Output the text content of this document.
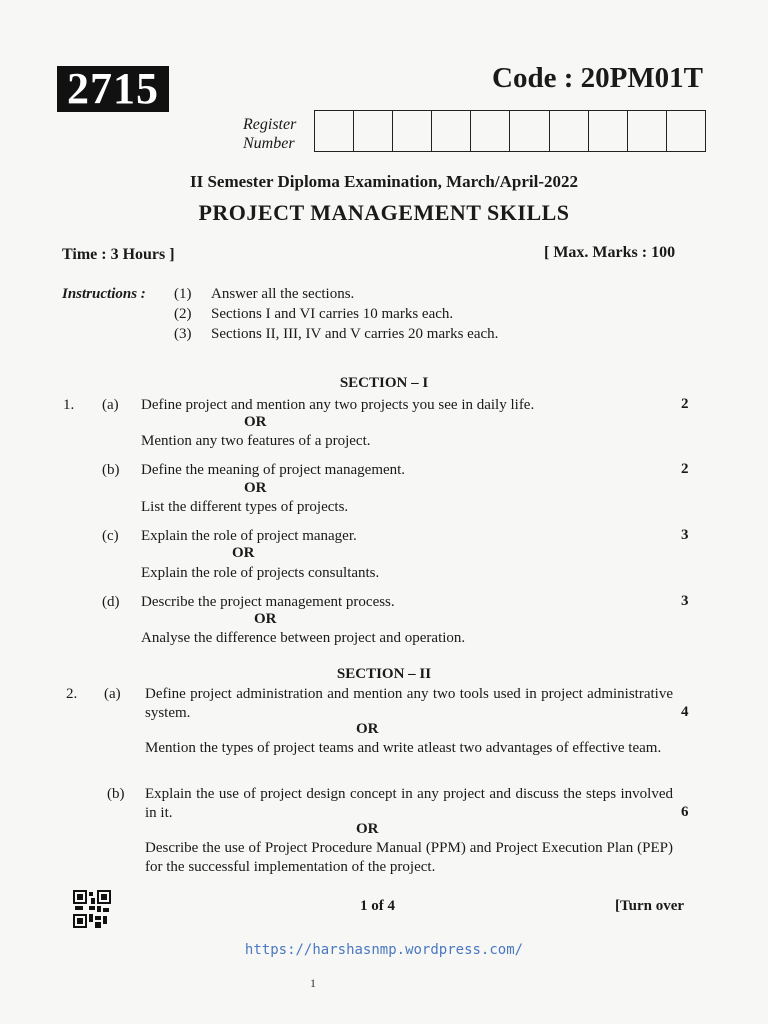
2715	Code : 20PM01T
Register
Number
II Semester Diploma Examination, March/April-2022
PROJECT MANAGEMENT SKILLS
Time : 3 Hours ]	[ Max. Marks : 100
Instructions : (1) Answer all the sections.
(2) Sections I and VI carries 10 marks each.
(3) Sections II, III, IV and V carries 20 marks each.
SECTION – I
1. (a) Define project and mention any two projects you see in daily life.	2
OR
Mention any two features of a project.
(b) Define the meaning of project management.	2
OR
List the different types of projects.
(c) Explain the role of project manager.	3
OR
Explain the role of projects consultants.
(d) Describe the project management process.	3
OR
Analyse the difference between project and operation.
SECTION – II
2. (a) Define project administration and mention any two tools used in project administrative system.	4
OR
Mention the types of project teams and write atleast two advantages of effective team.
(b) Explain the use of project design concept in any project and discuss the steps involved in it.	6
OR
Describe the use of Project Procedure Manual (PPM) and Project Execution Plan (PEP) for the successful implementation of the project.
1 of 4	[Turn over
https://harshasnmp.wordpress.com/
1
